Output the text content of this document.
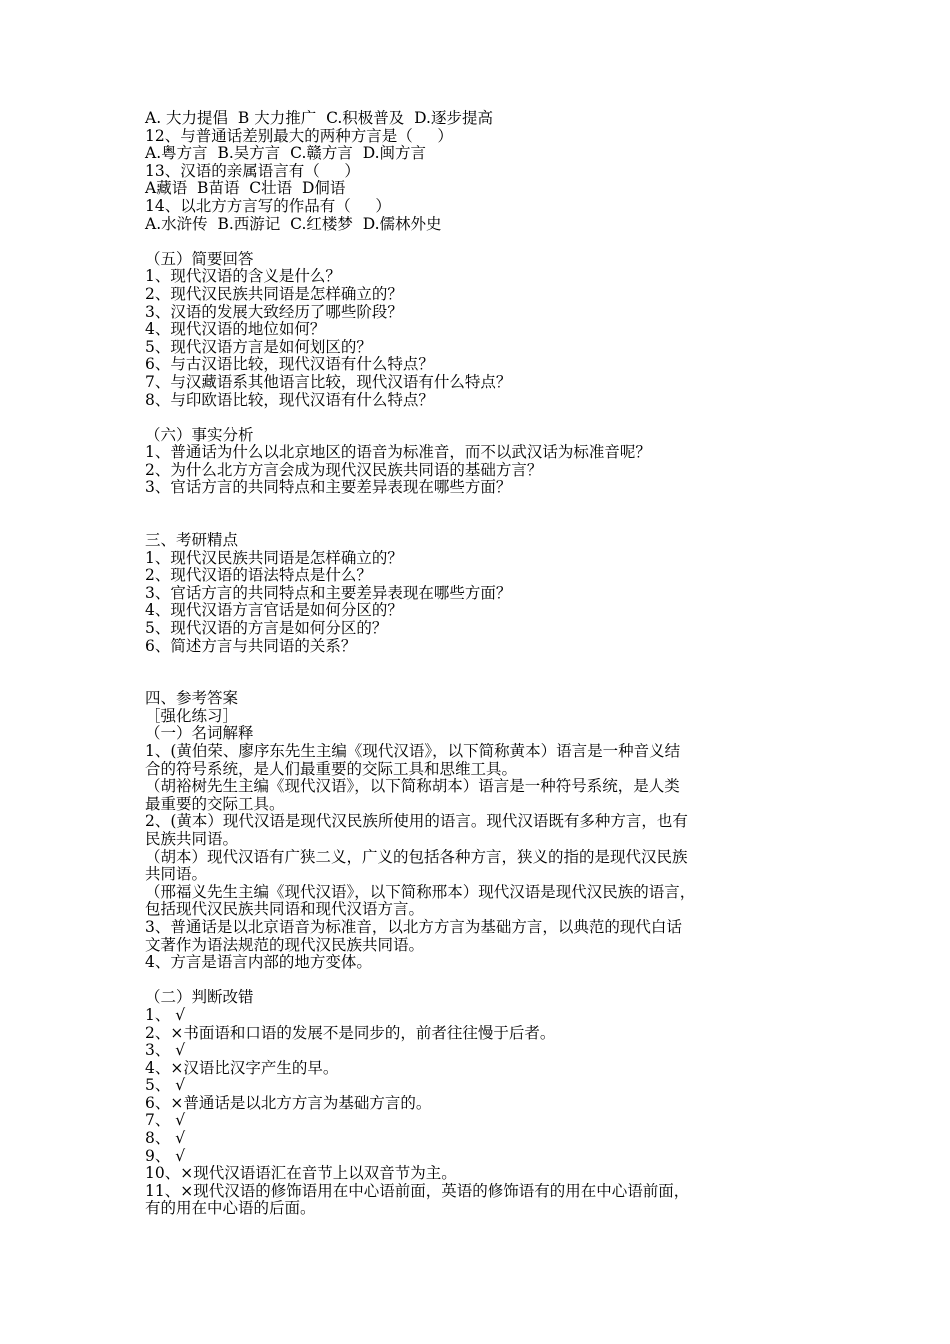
A. 大力提倡  B 大力推广  C.积极普及  D.逐步提高

12、与普通话差别最大的两种方言是（     ）

A.粤方言  B.吴方言  C.赣方言  D.闽方言

13、汉语的亲属语言有（     ）

A藏语  B苗语  C壮语  D侗语

14、以北方方言写的作品有（     ）

A.水浒传  B.西游记  C.红楼梦  D.儒林外史

（五）简要回答

1、现代汉语的含义是什么？

2、现代汉民族共同语是怎样确立的？

3、汉语的发展大致经历了哪些阶段？

4、现代汉语的地位如何？

5、现代汉语方言是如何划区的？

6、与古汉语比较，现代汉语有什么特点？

7、与汉藏语系其他语言比较，现代汉语有什么特点？

8、与印欧语比较，现代汉语有什么特点？

（六）事实分析

1、普通话为什么以北京地区的语音为标准音，而不以武汉话为标准音呢？

2、为什么北方方言会成为现代汉民族共同语的基础方言？

3、官话方言的共同特点和主要差异表现在哪些方面？

三、考研精点

1、现代汉民族共同语是怎样确立的？

2、现代汉语的语法特点是什么？

3、官话方言的共同特点和主要差异表现在哪些方面？

4、现代汉语方言官话是如何分区的？

5、现代汉语的方言是如何分区的？

6、简述方言与共同语的关系？

四、参考答案

［强化练习］

（一）名词解释

1、(黄伯荣、廖序东先生主编《现代汉语》，以下简称黄本）语言是一种音义结

合的符号系统，是人们最重要的交际工具和思维工具。

（胡裕树先生主编《现代汉语》，以下简称胡本）语言是一种符号系统，是人类

最重要的交际工具。

2、(黄本）现代汉语是现代汉民族所使用的语言。现代汉语既有多种方言，也有

民族共同语。

（胡本）现代汉语有广狭二义，广义的包括各种方言，狭义的指的是现代汉民族

共同语。

（邢福义先生主编《现代汉语》，以下简称邢本）现代汉语是现代汉民族的语言，

包括现代汉民族共同语和现代汉语方言。

3、普通话是以北京语音为标准音，以北方方言为基础方言，以典范的现代白话

文著作为语法规范的现代汉民族共同语。

4、方言是语言内部的地方变体。

（二）判断改错

1、 √

2、×书面语和口语的发展不是同步的，前者往往慢于后者。

3、 √

4、×汉语比汉字产生的早。

5、 √

6、×普通话是以北方方言为基础方言的。

7、 √

8、 √

9、 √

10、×现代汉语语汇在音节上以双音节为主。

11、×现代汉语的修饰语用在中心语前面，英语的修饰语有的用在中心语前面，

有的用在中心语的后面。
